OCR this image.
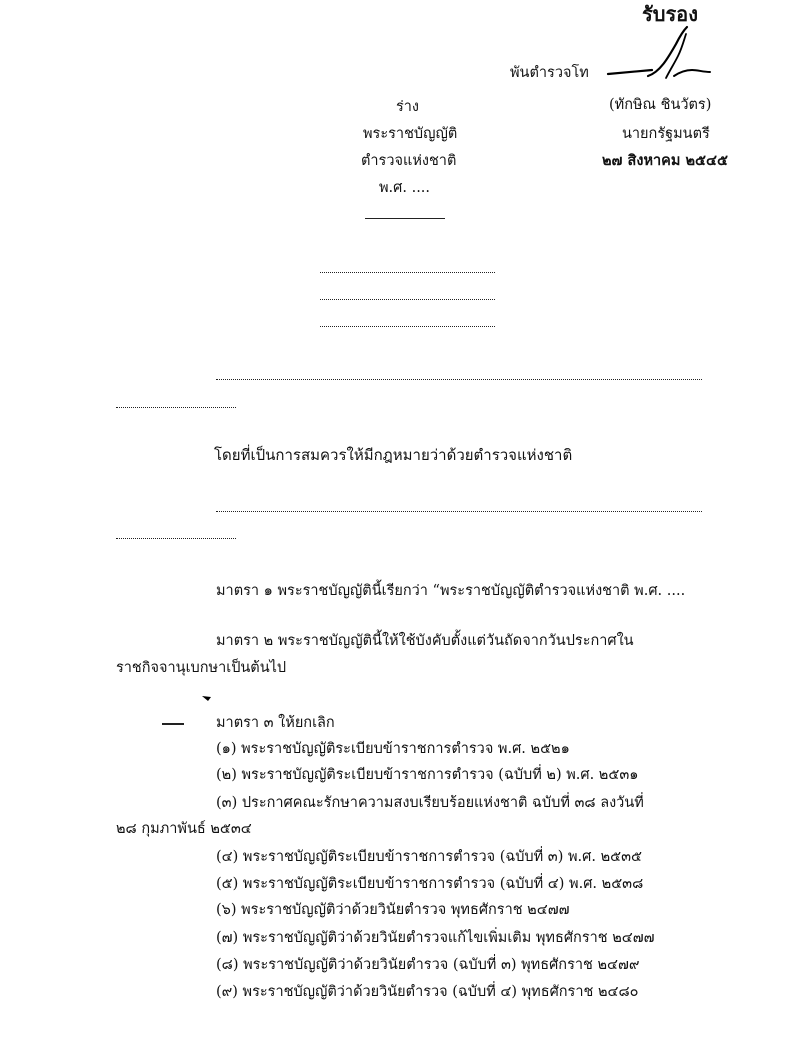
รับรอง
พันตำรวจโท
(ทักษิณ ชินวัตร)
นายกรัฐมนตรี
๒๗ สิงหาคม ๒๕๔๕
ร่าง
พระราชบัญญัติ
ตำรวจแห่งชาติ
พ.ศ. ....
โดยที่เป็นการสมควรให้มีกฎหมายว่าด้วยตำรวจแห่งชาติ
มาตรา ๑ พระราชบัญญัตินี้เรียกว่า “พระราชบัญญัติตำรวจแห่งชาติ พ.ศ. ....
มาตรา ๒ พระราชบัญญัตินี้ให้ใช้บังคับตั้งแต่วันถัดจากวันประกาศใน
ราชกิจจานุเบกษาเป็นต้นไป
มาตรา ๓ ให้ยกเลิก
(๑) พระราชบัญญัติระเบียบข้าราชการตำรวจ พ.ศ. ๒๕๒๑
(๒) พระราชบัญญัติระเบียบข้าราชการตำรวจ (ฉบับที่ ๒) พ.ศ. ๒๕๓๑
(๓) ประกาศคณะรักษาความสงบเรียบร้อยแห่งชาติ ฉบับที่ ๓๘ ลงวันที่
๒๘ กุมภาพันธ์ ๒๕๓๔
(๔) พระราชบัญญัติระเบียบข้าราชการตำรวจ (ฉบับที่ ๓) พ.ศ. ๒๕๓๕
(๕) พระราชบัญญัติระเบียบข้าราชการตำรวจ (ฉบับที่ ๔) พ.ศ. ๒๕๓๘
(๖) พระราชบัญญัติว่าด้วยวินัยตำรวจ พุทธศักราช ๒๔๗๗
(๗) พระราชบัญญัติว่าด้วยวินัยตำรวจแก้ไขเพิ่มเติม พุทธศักราช ๒๔๗๗
(๘) พระราชบัญญัติว่าด้วยวินัยตำรวจ (ฉบับที่ ๓) พุทธศักราช ๒๔๗๙
(๙) พระราชบัญญัติว่าด้วยวินัยตำรวจ (ฉบับที่ ๔) พุทธศักราช ๒๔๘๐
